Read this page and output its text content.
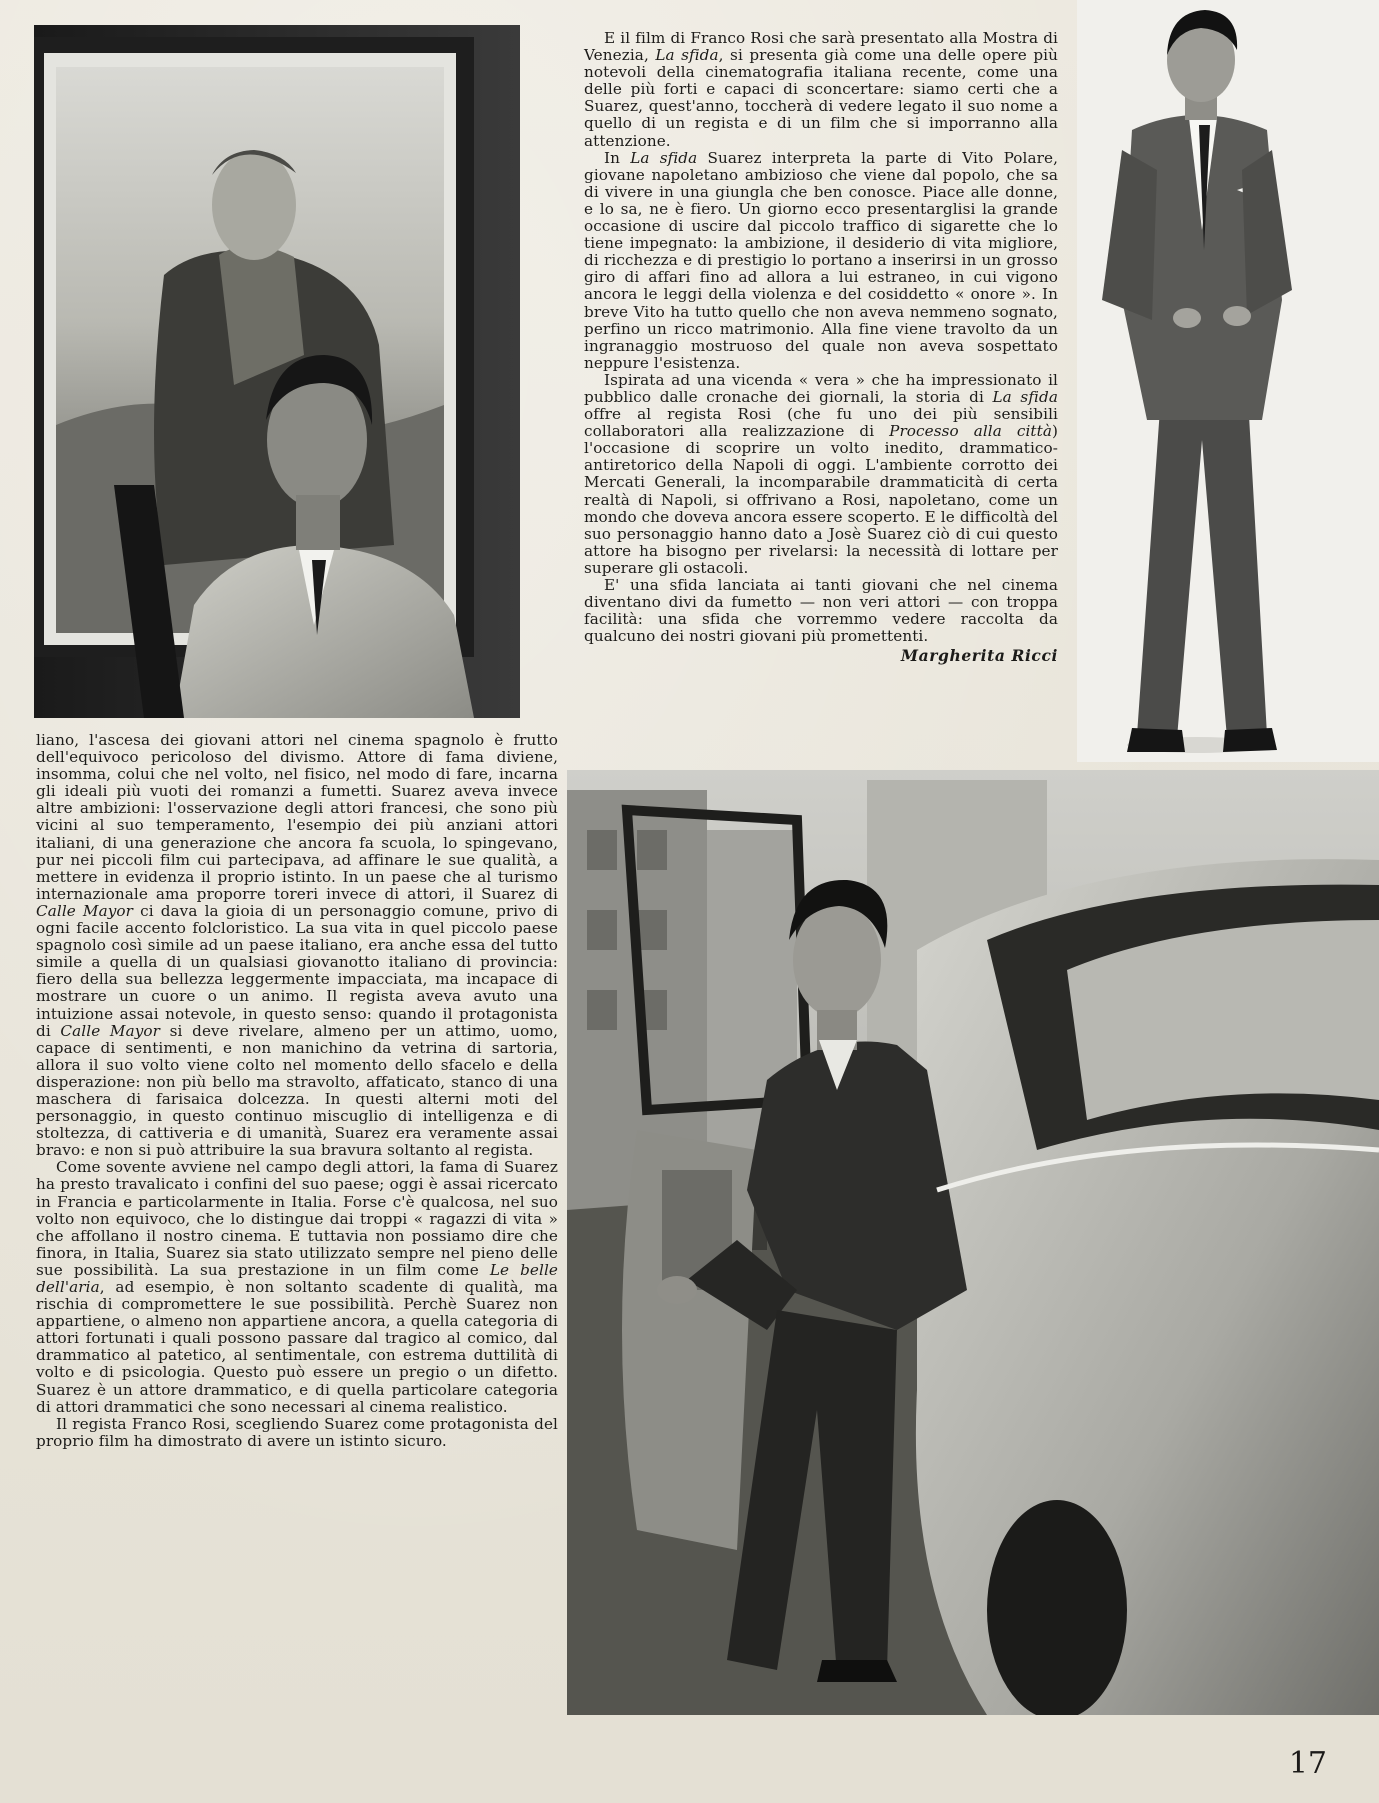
E il film di Franco Rosi che sarà presentato alla Mostra di Venezia, La sfida, si presenta già come una delle opere più notevoli della cinematografia italiana recente, come una delle più forti e capaci di sconcertare: siamo certi che a Suarez, quest'anno, toccherà di vedere legato il suo nome a quello di un regista e di un film che si imporranno alla attenzione.

In La sfida Suarez interpreta la parte di Vito Polare, giovane napoletano ambizioso che viene dal popolo, che sa di vivere in una giungla che ben conosce. Piace alle donne, e lo sa, ne è fiero. Un giorno ecco presentarglisi la grande occasione di uscire dal piccolo traffico di sigarette che lo tiene impegnato: la ambizione, il desiderio di vita migliore, di ricchezza e di prestigio lo portano a inserirsi in un grosso giro di affari fino ad allora a lui estraneo, in cui vigono ancora le leggi della violenza e del cosiddetto « onore ». In breve Vito ha tutto quello che non aveva nemmeno sognato, perfino un ricco matrimonio. Alla fine viene travolto da un ingranaggio mostruoso del quale non aveva sospettato neppure l'esistenza.

Ispirata ad una vicenda « vera » che ha impressionato il pubblico dalle cronache dei giornali, la storia di La sfida offre al regista Rosi (che fu uno dei più sensibili collaboratori alla realizzazione di Processo alla città) l'occasione di scoprire un volto inedito, drammatico-antiretorico della Napoli di oggi. L'ambiente corrotto dei Mercati Generali, la incomparabile drammaticità di certa realtà di Napoli, si offrivano a Rosi, napoletano, come un mondo che doveva ancora essere scoperto. E le difficoltà del suo personaggio hanno dato a Josè Suarez ciò di cui questo attore ha bisogno per rivelarsi: la necessità di lottare per superare gli ostacoli.

E' una sfida lanciata ai tanti giovani che nel cinema diventano divi da fumetto — non veri attori — con troppa facilità: una sfida che vorremmo vedere raccolta da qualcuno dei nostri giovani più promettenti.

Margherita Ricci

liano, l'ascesa dei giovani attori nel cinema spagnolo è frutto dell'equivoco pericoloso del divismo. Attore di fama diviene, insomma, colui che nel volto, nel fisico, nel modo di fare, incarna gli ideali più vuoti dei romanzi a fumetti. Suarez aveva invece altre ambizioni: l'osservazione degli attori francesi, che sono più vicini al suo temperamento, l'esempio dei più anziani attori italiani, di una generazione che ancora fa scuola, lo spingevano, pur nei piccoli film cui partecipava, ad affinare le sue qualità, a mettere in evidenza il proprio istinto. In un paese che al turismo internazionale ama proporre toreri invece di attori, il Suarez di Calle Mayor ci dava la gioia di un personaggio comune, privo di ogni facile accento folcloristico. La sua vita in quel piccolo paese spagnolo così simile ad un paese italiano, era anche essa del tutto simile a quella di un qualsiasi giovanotto italiano di provincia: fiero della sua bellezza leggermente impacciata, ma incapace di mostrare un cuore o un animo. Il regista aveva avuto una intuizione assai notevole, in questo senso: quando il protagonista di Calle Mayor si deve rivelare, almeno per un attimo, uomo, capace di sentimenti, e non manichino da vetrina di sartoria, allora il suo volto viene colto nel momento dello sfacelo e della disperazione: non più bello ma stravolto, affaticato, stanco di una maschera di farisaica dolcezza. In questi alterni moti del personaggio, in questo continuo miscuglio di intelligenza e di stoltezza, di cattiveria e di umanità, Suarez era veramente assai bravo: e non si può attribuire la sua bravura soltanto al regista.

Come sovente avviene nel campo degli attori, la fama di Suarez ha presto travalicato i confini del suo paese; oggi è assai ricercato in Francia e particolarmente in Italia. Forse c'è qualcosa, nel suo volto non equivoco, che lo distingue dai troppi « ragazzi di vita » che affollano il nostro cinema. E tuttavia non possiamo dire che finora, in Italia, Suarez sia stato utilizzato sempre nel pieno delle sue possibilità. La sua prestazione in un film come Le belle dell'aria, ad esempio, è non soltanto scadente di qualità, ma rischia di compromettere le sue possibilità. Perchè Suarez non appartiene, o almeno non appartiene ancora, a quella categoria di attori fortunati i quali possono passare dal tragico al comico, dal drammatico al patetico, al sentimentale, con estrema duttilità di volto e di psicologia. Questo può essere un pregio o un difetto. Suarez è un attore drammatico, e di quella particolare categoria di attori drammatici che sono necessari al cinema realistico.

Il regista Franco Rosi, scegliendo Suarez come protagonista del proprio film ha dimostrato di avere un istinto sicuro.

17
